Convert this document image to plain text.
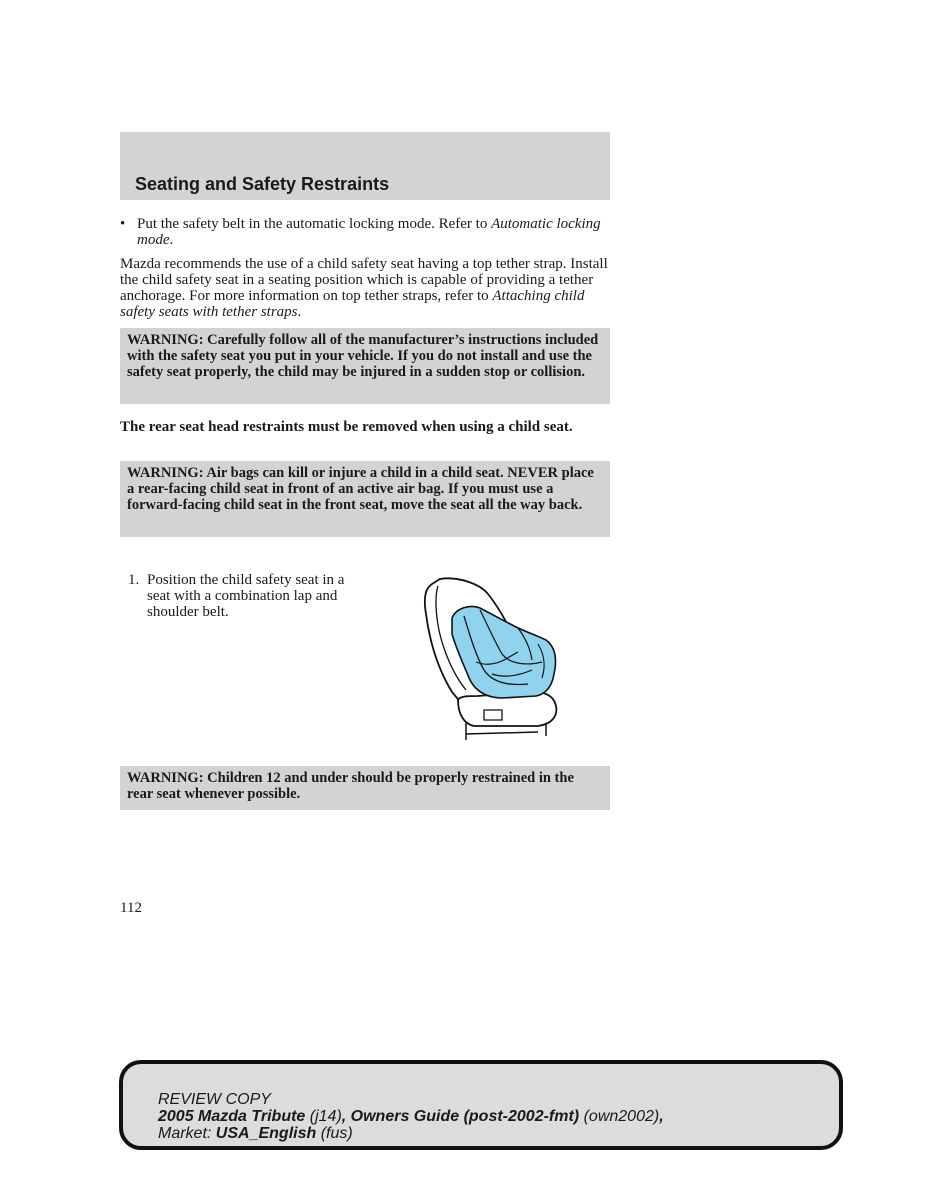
Seating and Safety Restraints
• Put the safety belt in the automatic locking mode. Refer to Automatic locking mode.
Mazda recommends the use of a child safety seat having a top tether strap. Install the child safety seat in a seating position which is capable of providing a tether anchorage. For more information on top tether straps, refer to Attaching child safety seats with tether straps.
WARNING: Carefully follow all of the manufacturer’s instructions included with the safety seat you put in your vehicle. If you do not install and use the safety seat properly, the child may be injured in a sudden stop or collision.
The rear seat head restraints must be removed when using a child seat.
WARNING: Air bags can kill or injure a child in a child seat. NEVER place a rear-facing child seat in front of an active air bag. If you must use a forward-facing child seat in the front seat, move the seat all the way back.
1. Position the child safety seat in a seat with a combination lap and shoulder belt.
WARNING: Children 12 and under should be properly restrained in the rear seat whenever possible.
112
REVIEW COPY
2005 Mazda Tribute (j14), Owners Guide (post-2002-fmt) (own2002),
Market: USA_English (fus)
